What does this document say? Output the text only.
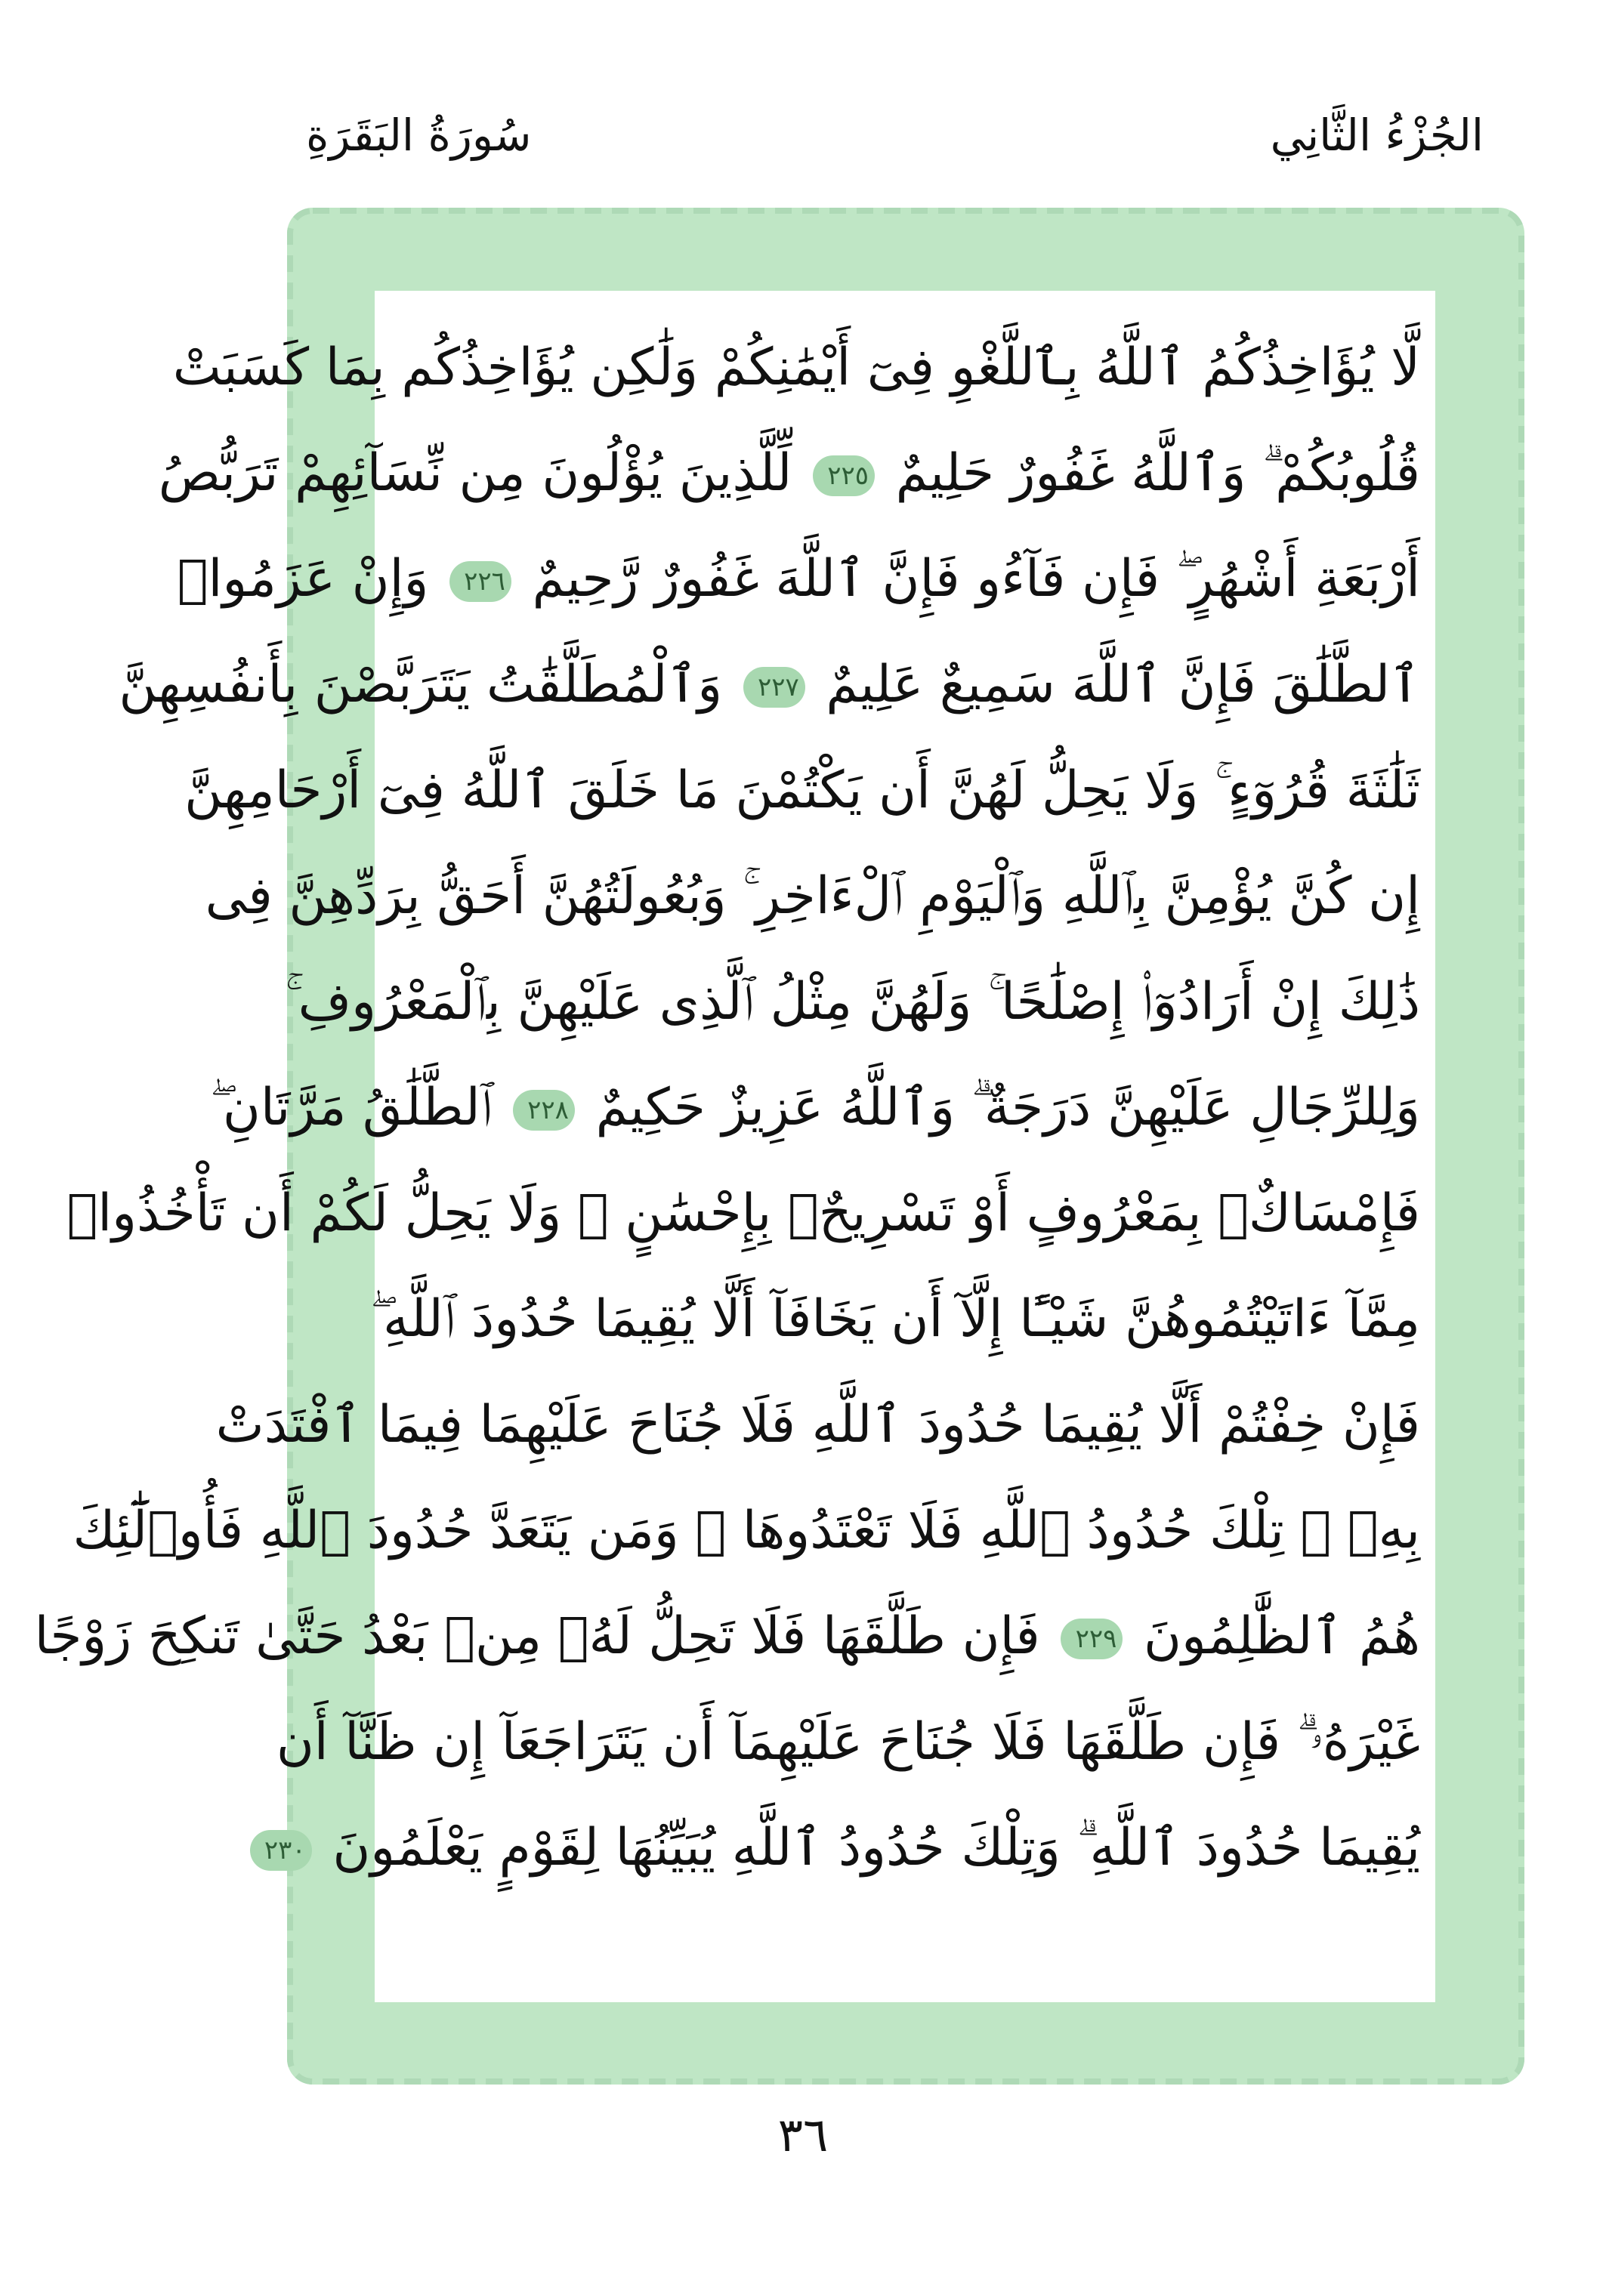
سُورَةُ البَقَرَةِ	الجُزْءُ الثَّانِي
لَّا يُؤَاخِذُكُمُ ٱللَّهُ بِٱللَّغْوِ فِىٓ أَيْمَٰنِكُمْ وَلَٰكِن يُؤَاخِذُكُم بِمَا كَسَبَتْ
قُلُوبُكُمْ ۗ وَٱللَّهُ غَفُورٌ حَلِيمٌ ٢٢٥ لِّلَّذِينَ يُؤْلُونَ مِن نِّسَآئِهِمْ تَرَبُّصُ
أَرْبَعَةِ أَشْهُرٍ ۖ فَإِن فَآءُو فَإِنَّ ٱللَّهَ غَفُورٌ رَّحِيمٌ ٢٢٦ وَإِنْ عَزَمُوا۟
ٱلطَّلَٰقَ فَإِنَّ ٱللَّهَ سَمِيعٌ عَلِيمٌ ٢٢٧ وَٱلْمُطَلَّقَٰتُ يَتَرَبَّصْنَ بِأَنفُسِهِنَّ
ثَلَٰثَةَ قُرُوٓءٍ ۚ وَلَا يَحِلُّ لَهُنَّ أَن يَكْتُمْنَ مَا خَلَقَ ٱللَّهُ فِىٓ أَرْحَامِهِنَّ
إِن كُنَّ يُؤْمِنَّ بِٱللَّهِ وَٱلْيَوْمِ ٱلْءَاخِرِ ۚ وَبُعُولَتُهُنَّ أَحَقُّ بِرَدِّهِنَّ فِى
ذَٰلِكَ إِنْ أَرَادُوٓا۟ إِصْلَٰحًا ۚ وَلَهُنَّ مِثْلُ ٱلَّذِى عَلَيْهِنَّ بِٱلْمَعْرُوفِ ۚ
وَلِلرِّجَالِ عَلَيْهِنَّ دَرَجَةٌ ۗ وَٱللَّهُ عَزِيزٌ حَكِيمٌ ٢٢٨ ٱلطَّلَٰقُ مَرَّتَانِ ۖ
فَإِمْسَاكٌۢ بِمَعْرُوفٍ أَوْ تَسْرِيحٌۢ بِإِحْسَٰنٍ ۗ وَلَا يَحِلُّ لَكُمْ أَن تَأْخُذُوا۟
مِمَّآ ءَاتَيْتُمُوهُنَّ شَيْـًٔا إِلَّآ أَن يَخَافَآ أَلَّا يُقِيمَا حُدُودَ ٱللَّهِ ۖ
فَإِنْ خِفْتُمْ أَلَّا يُقِيمَا حُدُودَ ٱللَّهِ فَلَا جُنَاحَ عَلَيْهِمَا فِيمَا ٱفْتَدَتْ
بِهِۦ ۗ تِلْكَ حُدُودُ ٱللَّهِ فَلَا تَعْتَدُوهَا ۚ وَمَن يَتَعَدَّ حُدُودَ ٱللَّهِ فَأُو۟لَٰٓئِكَ
هُمُ ٱلظَّٰلِمُونَ ٢٢٩ فَإِن طَلَّقَهَا فَلَا تَحِلُّ لَهُۥ مِنۢ بَعْدُ حَتَّىٰ تَنكِحَ زَوْجًا
غَيْرَهُۥ ۗ فَإِن طَلَّقَهَا فَلَا جُنَاحَ عَلَيْهِمَآ أَن يَتَرَاجَعَآ إِن ظَنَّآ أَن
يُقِيمَا حُدُودَ ٱللَّهِ ۗ وَتِلْكَ حُدُودُ ٱللَّهِ يُبَيِّنُهَا لِقَوْمٍ يَعْلَمُونَ ٢٣٠
٣٦
